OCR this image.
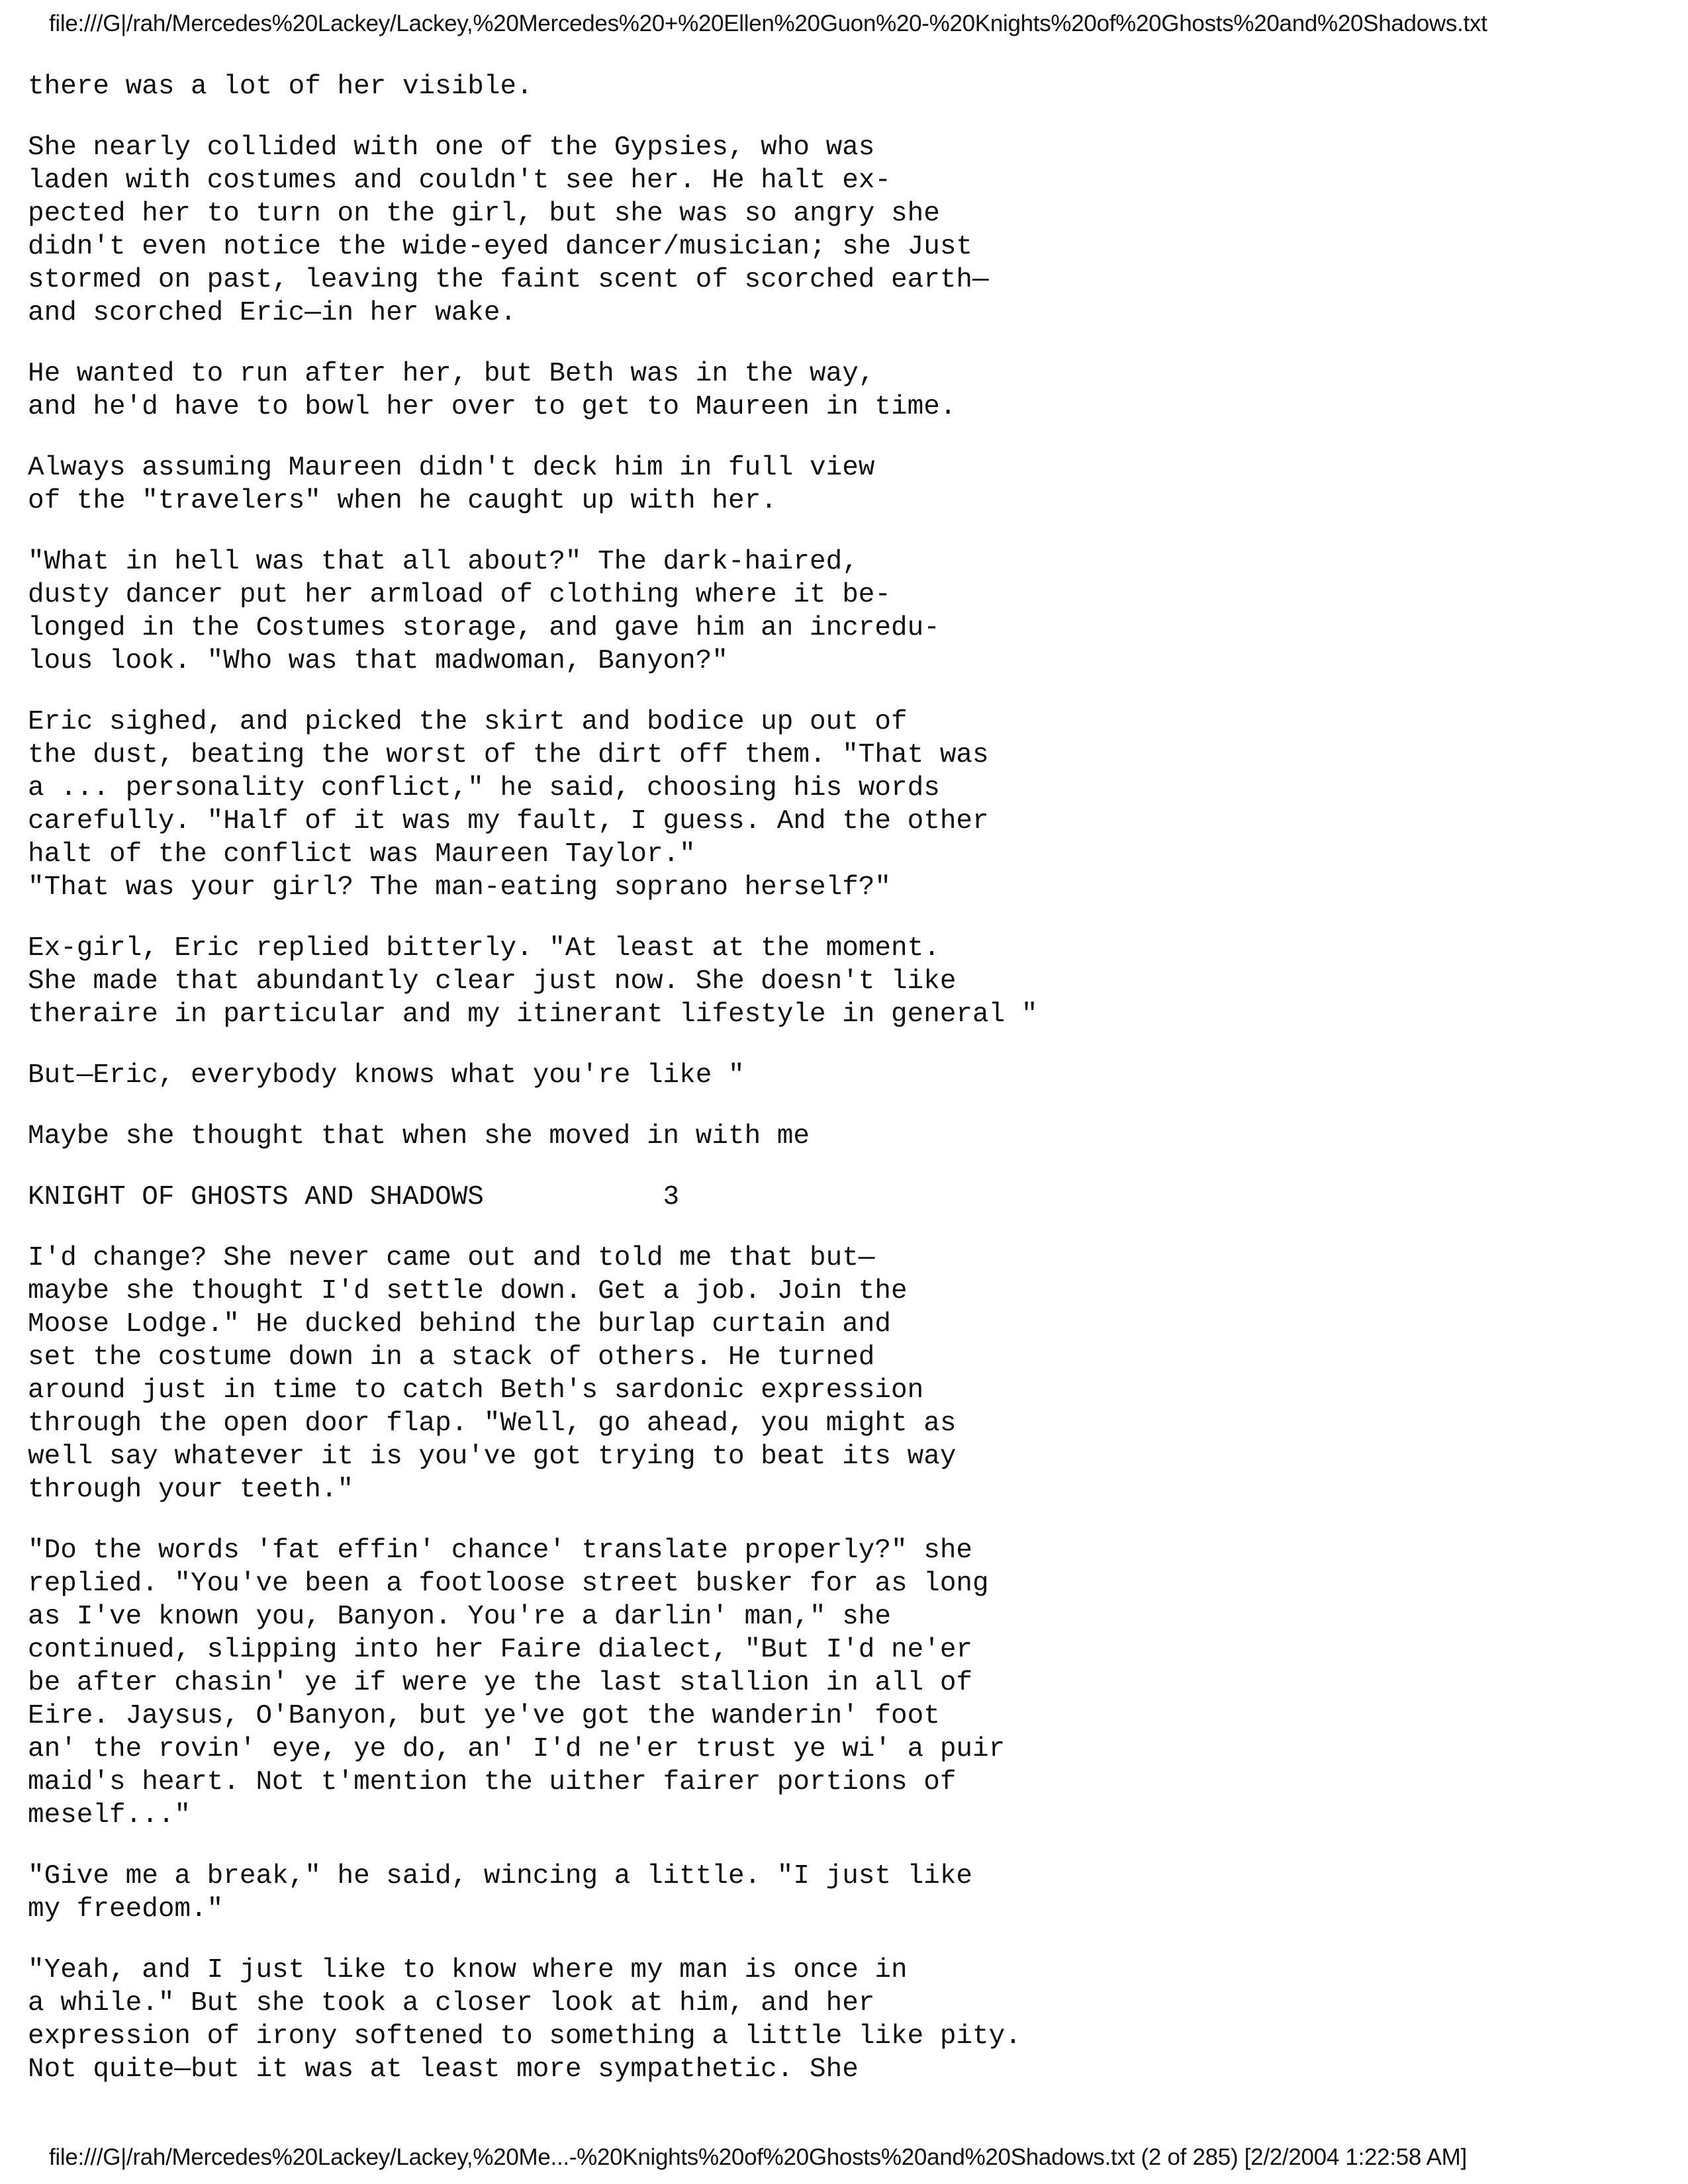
file:///G|/rah/Mercedes%20Lackey/Lackey,%20Mercedes%20+%20Ellen%20Guon%20-%20Knights%20of%20Ghosts%20and%20Shadows.txt
there was a lot of her visible.
She nearly collided with one of the Gypsies, who was
laden with costumes and couldn't see her. He halt ex-
pected her to turn on the girl, but she was so angry she
didn't even notice the wide-eyed dancer/musician; she Just
stormed on past, leaving the faint scent of scorched earth—
and scorched Eric—in her wake.
He wanted to run after her, but Beth was in the way,
and he'd have to bowl her over to get to Maureen in time.
Always assuming Maureen didn't deck him in full view
of the "travelers" when he caught up with her.
"What in hell was that all about?" The dark-haired,
dusty dancer put her armload of clothing where it be-
longed in the Costumes storage, and gave him an incredu-
lous look. "Who was that madwoman, Banyon?"
Eric sighed, and picked the skirt and bodice up out of
the dust, beating the worst of the dirt off them. "That was
a ... personality conflict," he said, choosing his words
carefully. "Half of it was my fault, I guess. And the other
halt of the conflict was Maureen Taylor."
"That was your girl? The man-eating soprano herself?"
Ex-girl, Eric replied bitterly. "At least at the moment.
She made that abundantly clear just now. She doesn't like
theraire in particular and my itinerant lifestyle in general "
But—Eric, everybody knows what you're like "
Maybe she thought that when she moved in with me
KNIGHT OF GHOSTS AND SHADOWS           3
I'd change? She never came out and told me that but—
maybe she thought I'd settle down. Get a job. Join the
Moose Lodge." He ducked behind the burlap curtain and
set the costume down in a stack of others. He turned
around just in time to catch Beth's sardonic expression
through the open door flap. "Well, go ahead, you might as
well say whatever it is you've got trying to beat its way
through your teeth."
"Do the words 'fat effin' chance' translate properly?" she
replied. "You've been a footloose street busker for as long
as I've known you, Banyon. You're a darlin' man," she
continued, slipping into her Faire dialect, "But I'd ne'er
be after chasin' ye if were ye the last stallion in all of
Eire. Jaysus, O'Banyon, but ye've got the wanderin' foot
an' the rovin' eye, ye do, an' I'd ne'er trust ye wi' a puir
maid's heart. Not t'mention the uither fairer portions of
meself..."
"Give me a break," he said, wincing a little. "I just like
my freedom."
"Yeah, and I just like to know where my man is once in
a while." But she took a closer look at him, and her
expression of irony softened to something a little like pity.
Not quite—but it was at least more sympathetic. She
file:///G|/rah/Mercedes%20Lackey/Lackey,%20Me...-%20Knights%20of%20Ghosts%20and%20Shadows.txt (2 of 285) [2/2/2004 1:22:58 AM]
